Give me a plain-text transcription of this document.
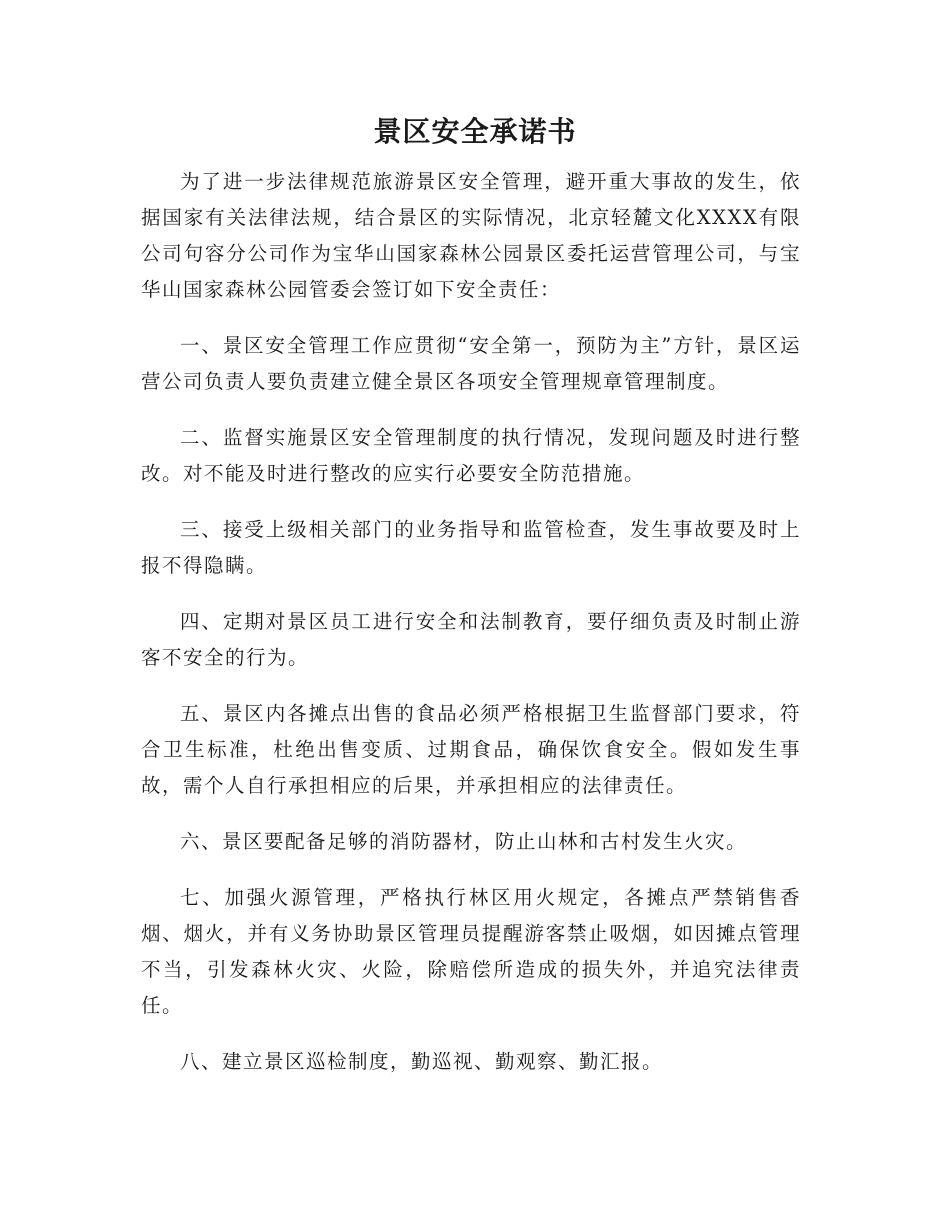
景区安全承诺书

为了进一步法律规范旅游景区安全管理，避开重大事故的发生，依据国家有关法律法规，结合景区的实际情况，北京轻麓文化XXXX有限公司句容分公司作为宝华山国家森林公园景区委托运营管理公司，与宝华山国家森林公园管委会签订如下安全责任：

一、景区安全管理工作应贯彻“安全第一，预防为主”方针，景区运营公司负责人要负责建立健全景区各项安全管理规章管理制度。

二、监督实施景区安全管理制度的执行情况，发现问题及时进行整改。对不能及时进行整改的应实行必要安全防范措施。

三、接受上级相关部门的业务指导和监管检查，发生事故要及时上报不得隐瞒。

四、定期对景区员工进行安全和法制教育，要仔细负责及时制止游客不安全的行为。

五、景区内各摊点出售的食品必须严格根据卫生监督部门要求，符合卫生标准，杜绝出售变质、过期食品，确保饮食安全。假如发生事故，需个人自行承担相应的后果，并承担相应的法律责任。

六、景区要配备足够的消防器材，防止山林和古村发生火灾。

七、加强火源管理，严格执行林区用火规定，各摊点严禁销售香烟、烟火，并有义务协助景区管理员提醒游客禁止吸烟，如因摊点管理不当，引发森林火灾、火险，除赔偿所造成的损失外，并追究法律责任。

八、建立景区巡检制度，勤巡视、勤观察、勤汇报。
